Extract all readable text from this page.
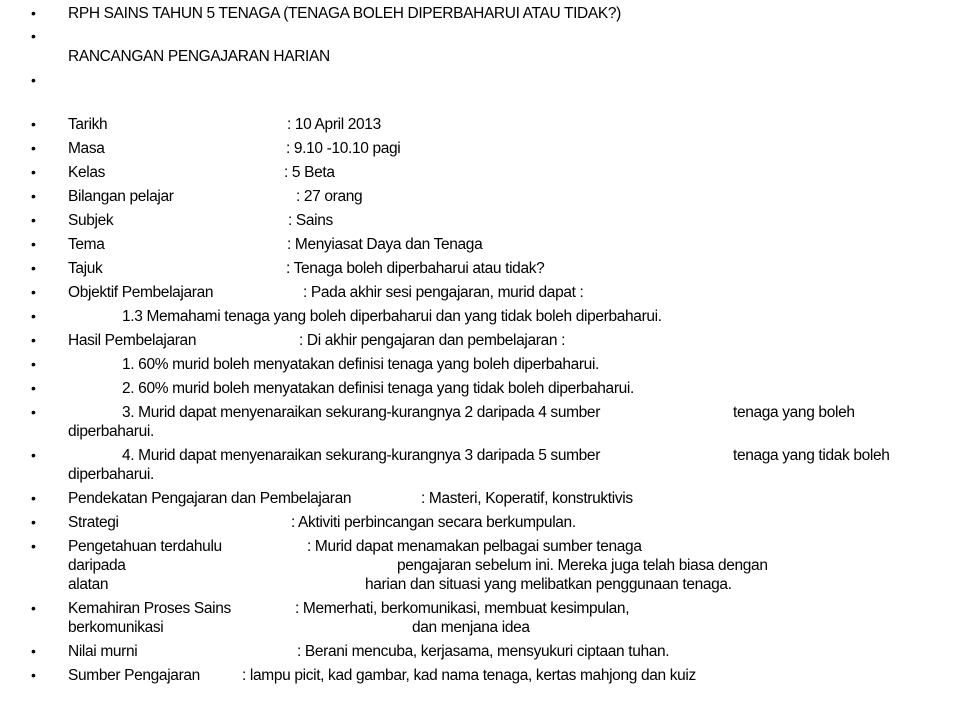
• RPH SAINS TAHUN 5 TENAGA (TENAGA BOLEH DIPERBAHARUI ATAU TIDAK?)
•
RANCANGAN PENGAJARAN HARIAN
•
• Tarikh	: 10 April 2013
• Masa	: 9.10 -10.10 pagi
• Kelas	: 5 Beta
• Bilangan pelajar	: 27 orang
• Subjek	: Sains
• Tema	: Menyiasat Daya dan Tenaga
• Tajuk	: Tenaga boleh diperbaharui atau tidak?
• Objektif Pembelajaran	: Pada akhir sesi pengajaran, murid dapat :
•	1.3 Memahami tenaga yang boleh diperbaharui dan yang tidak boleh diperbaharui.
• Hasil Pembelajaran	: Di akhir pengajaran dan pembelajaran :
•	1. 60% murid boleh menyatakan definisi tenaga yang boleh diperbaharui.
•	2. 60% murid boleh menyatakan definisi tenaga yang tidak boleh diperbaharui.
•	3. Murid dapat menyenaraikan sekurang-kurangnya 2 daripada 4 sumber	tenaga yang boleh
diperbaharui.
•	4. Murid dapat menyenaraikan sekurang-kurangnya 3 daripada 5 sumber	tenaga yang tidak boleh
diperbaharui.
• Pendekatan Pengajaran dan Pembelajaran	: Masteri, Koperatif, konstruktivis
• Strategi	: Aktiviti perbincangan secara berkumpulan.
• Pengetahuan terdahulu	: Murid dapat menamakan pelbagai sumber tenaga
daripada	pengajaran sebelum ini. Mereka juga telah biasa dengan
alatan	harian dan situasi yang melibatkan penggunaan tenaga.
• Kemahiran Proses Sains	: Memerhati, berkomunikasi, membuat kesimpulan,
berkomunikasi	dan menjana idea
• Nilai murni	: Berani mencuba, kerjasama, mensyukuri ciptaan tuhan.
• Sumber Pengajaran	: lampu picit, kad gambar, kad nama tenaga, kertas mahjong dan kuiz
